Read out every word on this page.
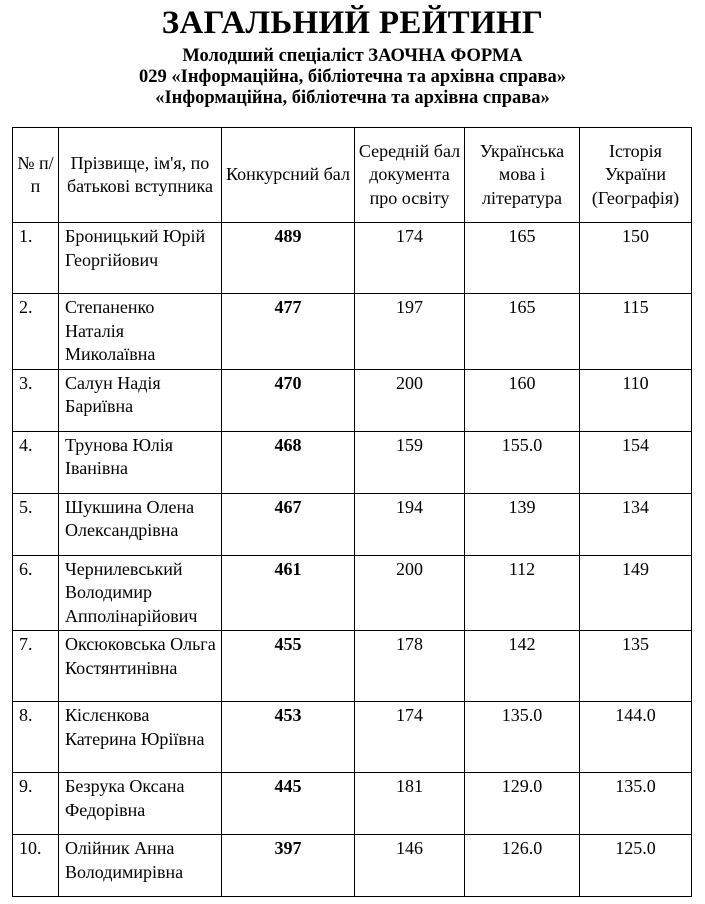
ЗАГАЛЬНИЙ РЕЙТИНГ

Молодший спеціаліст ЗАОЧНА ФОРМА

029 «Інформаційна, бібліотечна та архівна справа»

«Інформаційна, бібліотечна та архівна справа»

№ п/п	Прізвище, ім'я, по батькові вступника	Конкурсний бал	Середній бал документа про освіту	Українська мова і література	Історія України (Географія)
1.	Броницький Юрій Георгійович	489	174	165	150
2.	Степаненко Наталія Миколаївна	477	197	165	115
3.	Салун Надія Бариївна	470	200	160	110
4.	Трунова Юлія Іванівна	468	159	155.0	154
5.	Шукшина Олена Олександрівна	467	194	139	134
6.	Чернилевський Володимир Апполінарійович	461	200	112	149
7.	Оксюковська Ольга Костянтинівна	455	178	142	135
8.	Кіслєнкова Катерина Юріївна	453	174	135.0	144.0
9.	Безрука Оксана Федорівна	445	181	129.0	135.0
10.	Олійник Анна Володимирівна	397	146	126.0	125.0
